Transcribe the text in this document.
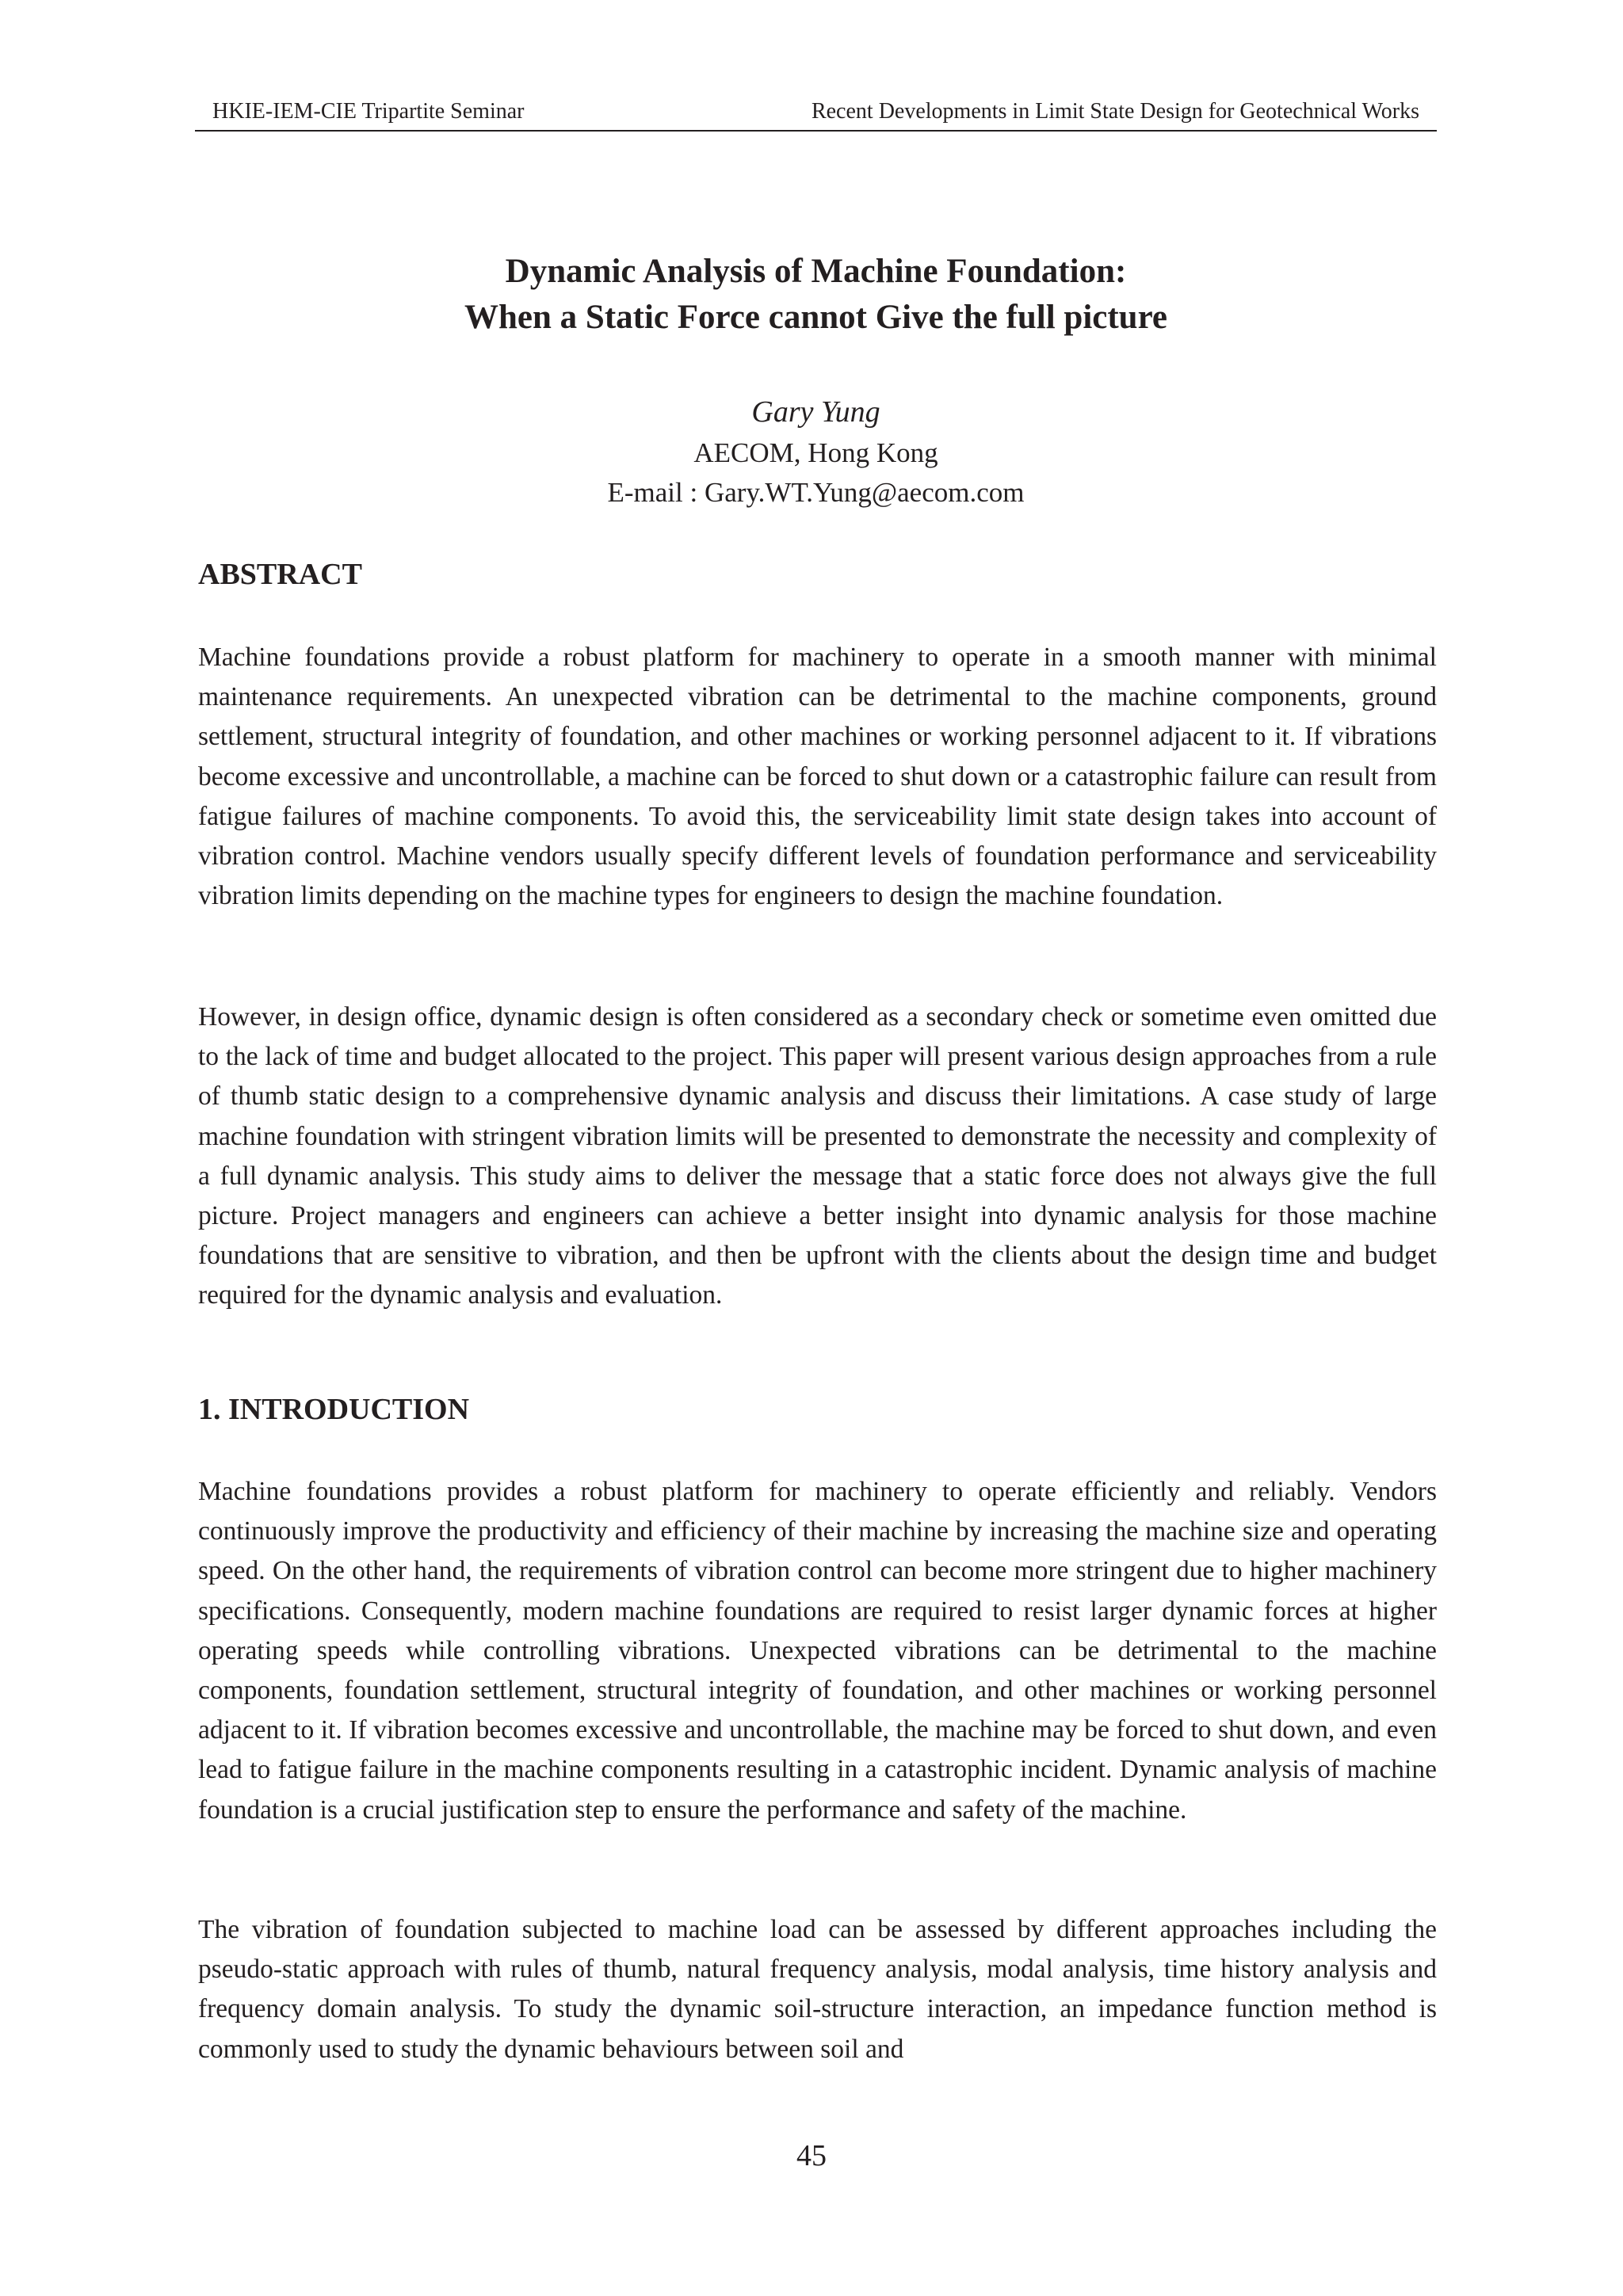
HKIE-IEM-CIE Tripartite Seminar	Recent Developments in Limit State Design for Geotechnical Works
Dynamic Analysis of Machine Foundation:
When a Static Force cannot Give the full picture

Gary Yung

AECOM, Hong Kong

E-mail : Gary.WT.Yung@aecom.com

ABSTRACT

Machine foundations provide a robust platform for machinery to operate in a smooth manner with minimal maintenance requirements. An unexpected vibration can be detrimental to the machine components, ground settlement, structural integrity of foundation, and other machines or working personnel adjacent to it. If vibrations become excessive and uncontrollable, a machine can be forced to shut down or a catastrophic failure can result from fatigue failures of machine components. To avoid this, the serviceability limit state design takes into account of vibration control. Machine vendors usually specify different levels of foundation performance and serviceability vibration limits depending on the machine types for engineers to design the machine foundation.

However, in design office, dynamic design is often considered as a secondary check or sometime even omitted due to the lack of time and budget allocated to the project. This paper will present various design approaches from a rule of thumb static design to a comprehensive dynamic analysis and discuss their limitations. A case study of large machine foundation with stringent vibration limits will be presented to demonstrate the necessity and complexity of a full dynamic analysis. This study aims to deliver the message that a static force does not always give the full picture. Project managers and engineers can achieve a better insight into dynamic analysis for those machine foundations that are sensitive to vibration, and then be upfront with the clients about the design time and budget required for the dynamic analysis and evaluation.

1. INTRODUCTION

Machine foundations provides a robust platform for machinery to operate efficiently and reliably. Vendors continuously improve the productivity and efficiency of their machine by increasing the machine size and operating speed. On the other hand, the requirements of vibration control can become more stringent due to higher machinery specifications. Consequently, modern machine foundations are required to resist larger dynamic forces at higher operating speeds while controlling vibrations. Unexpected vibrations can be detrimental to the machine components, foundation settlement, structural integrity of foundation, and other machines or working personnel adjacent to it. If vibration becomes excessive and uncontrollable, the machine may be forced to shut down, and even lead to fatigue failure in the machine components resulting in a catastrophic incident. Dynamic analysis of machine foundation is a crucial justification step to ensure the performance and safety of the machine.

The vibration of foundation subjected to machine load can be assessed by different approaches including the pseudo-static approach with rules of thumb, natural frequency analysis, modal analysis, time history analysis and frequency domain analysis. To study the dynamic soil-structure interaction, an impedance function method is commonly used to study the dynamic behaviours between soil and

45
